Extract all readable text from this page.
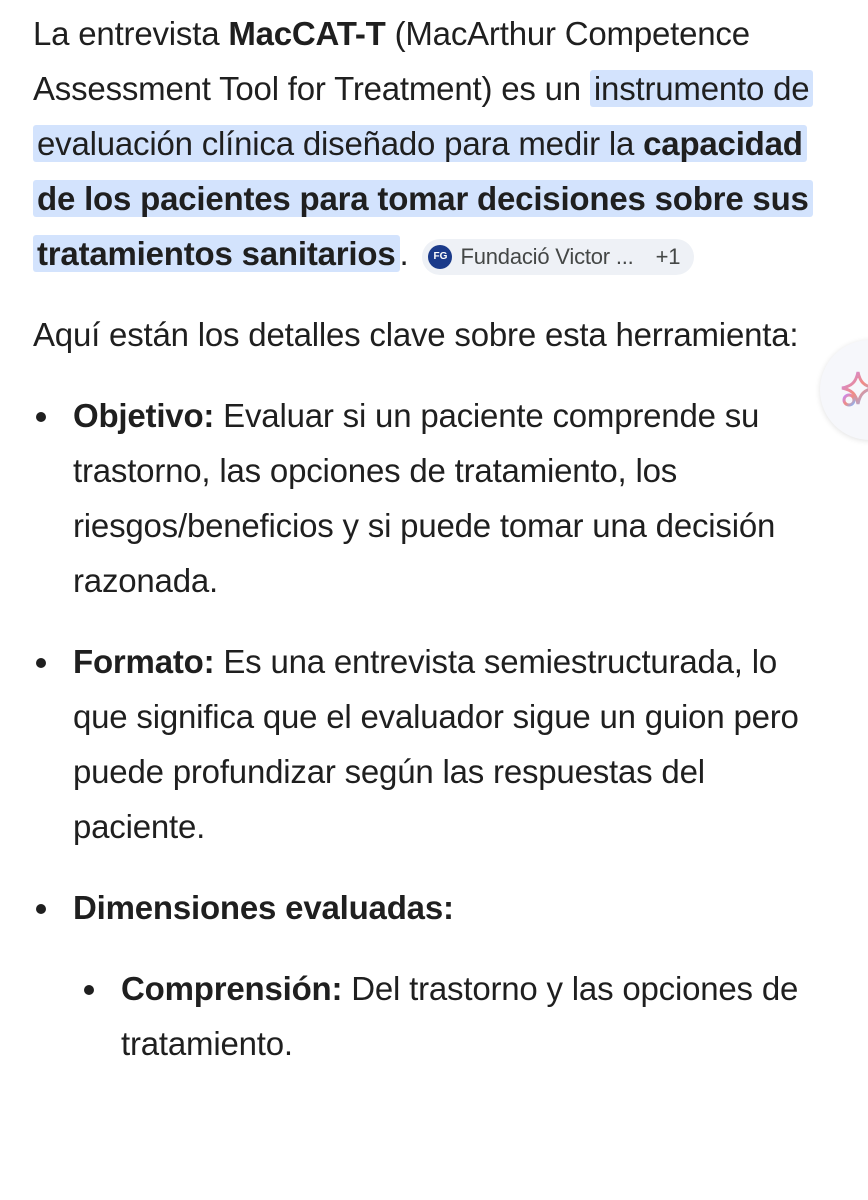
La entrevista MacCAT-T (MacArthur Competence Assessment Tool for Treatment) es un instrumento de evaluación clínica diseñado para medir la capacidad de los pacientes para tomar decisiones sobre sus tratamientos sanitarios .	FG Fundació Victor ... +1

Aquí están los detalles clave sobre esta herramienta:

Objetivo: Evaluar si un paciente comprende su trastorno, las opciones de tratamiento, los riesgos/beneficios y si puede tomar una decisión razonada.
Formato: Es una entrevista semiestructurada, lo que significa que el evaluador sigue un guion pero puede profundizar según las respuestas del paciente.
Dimensiones evaluadas:
Comprensión: Del trastorno y las opciones de tratamiento.
